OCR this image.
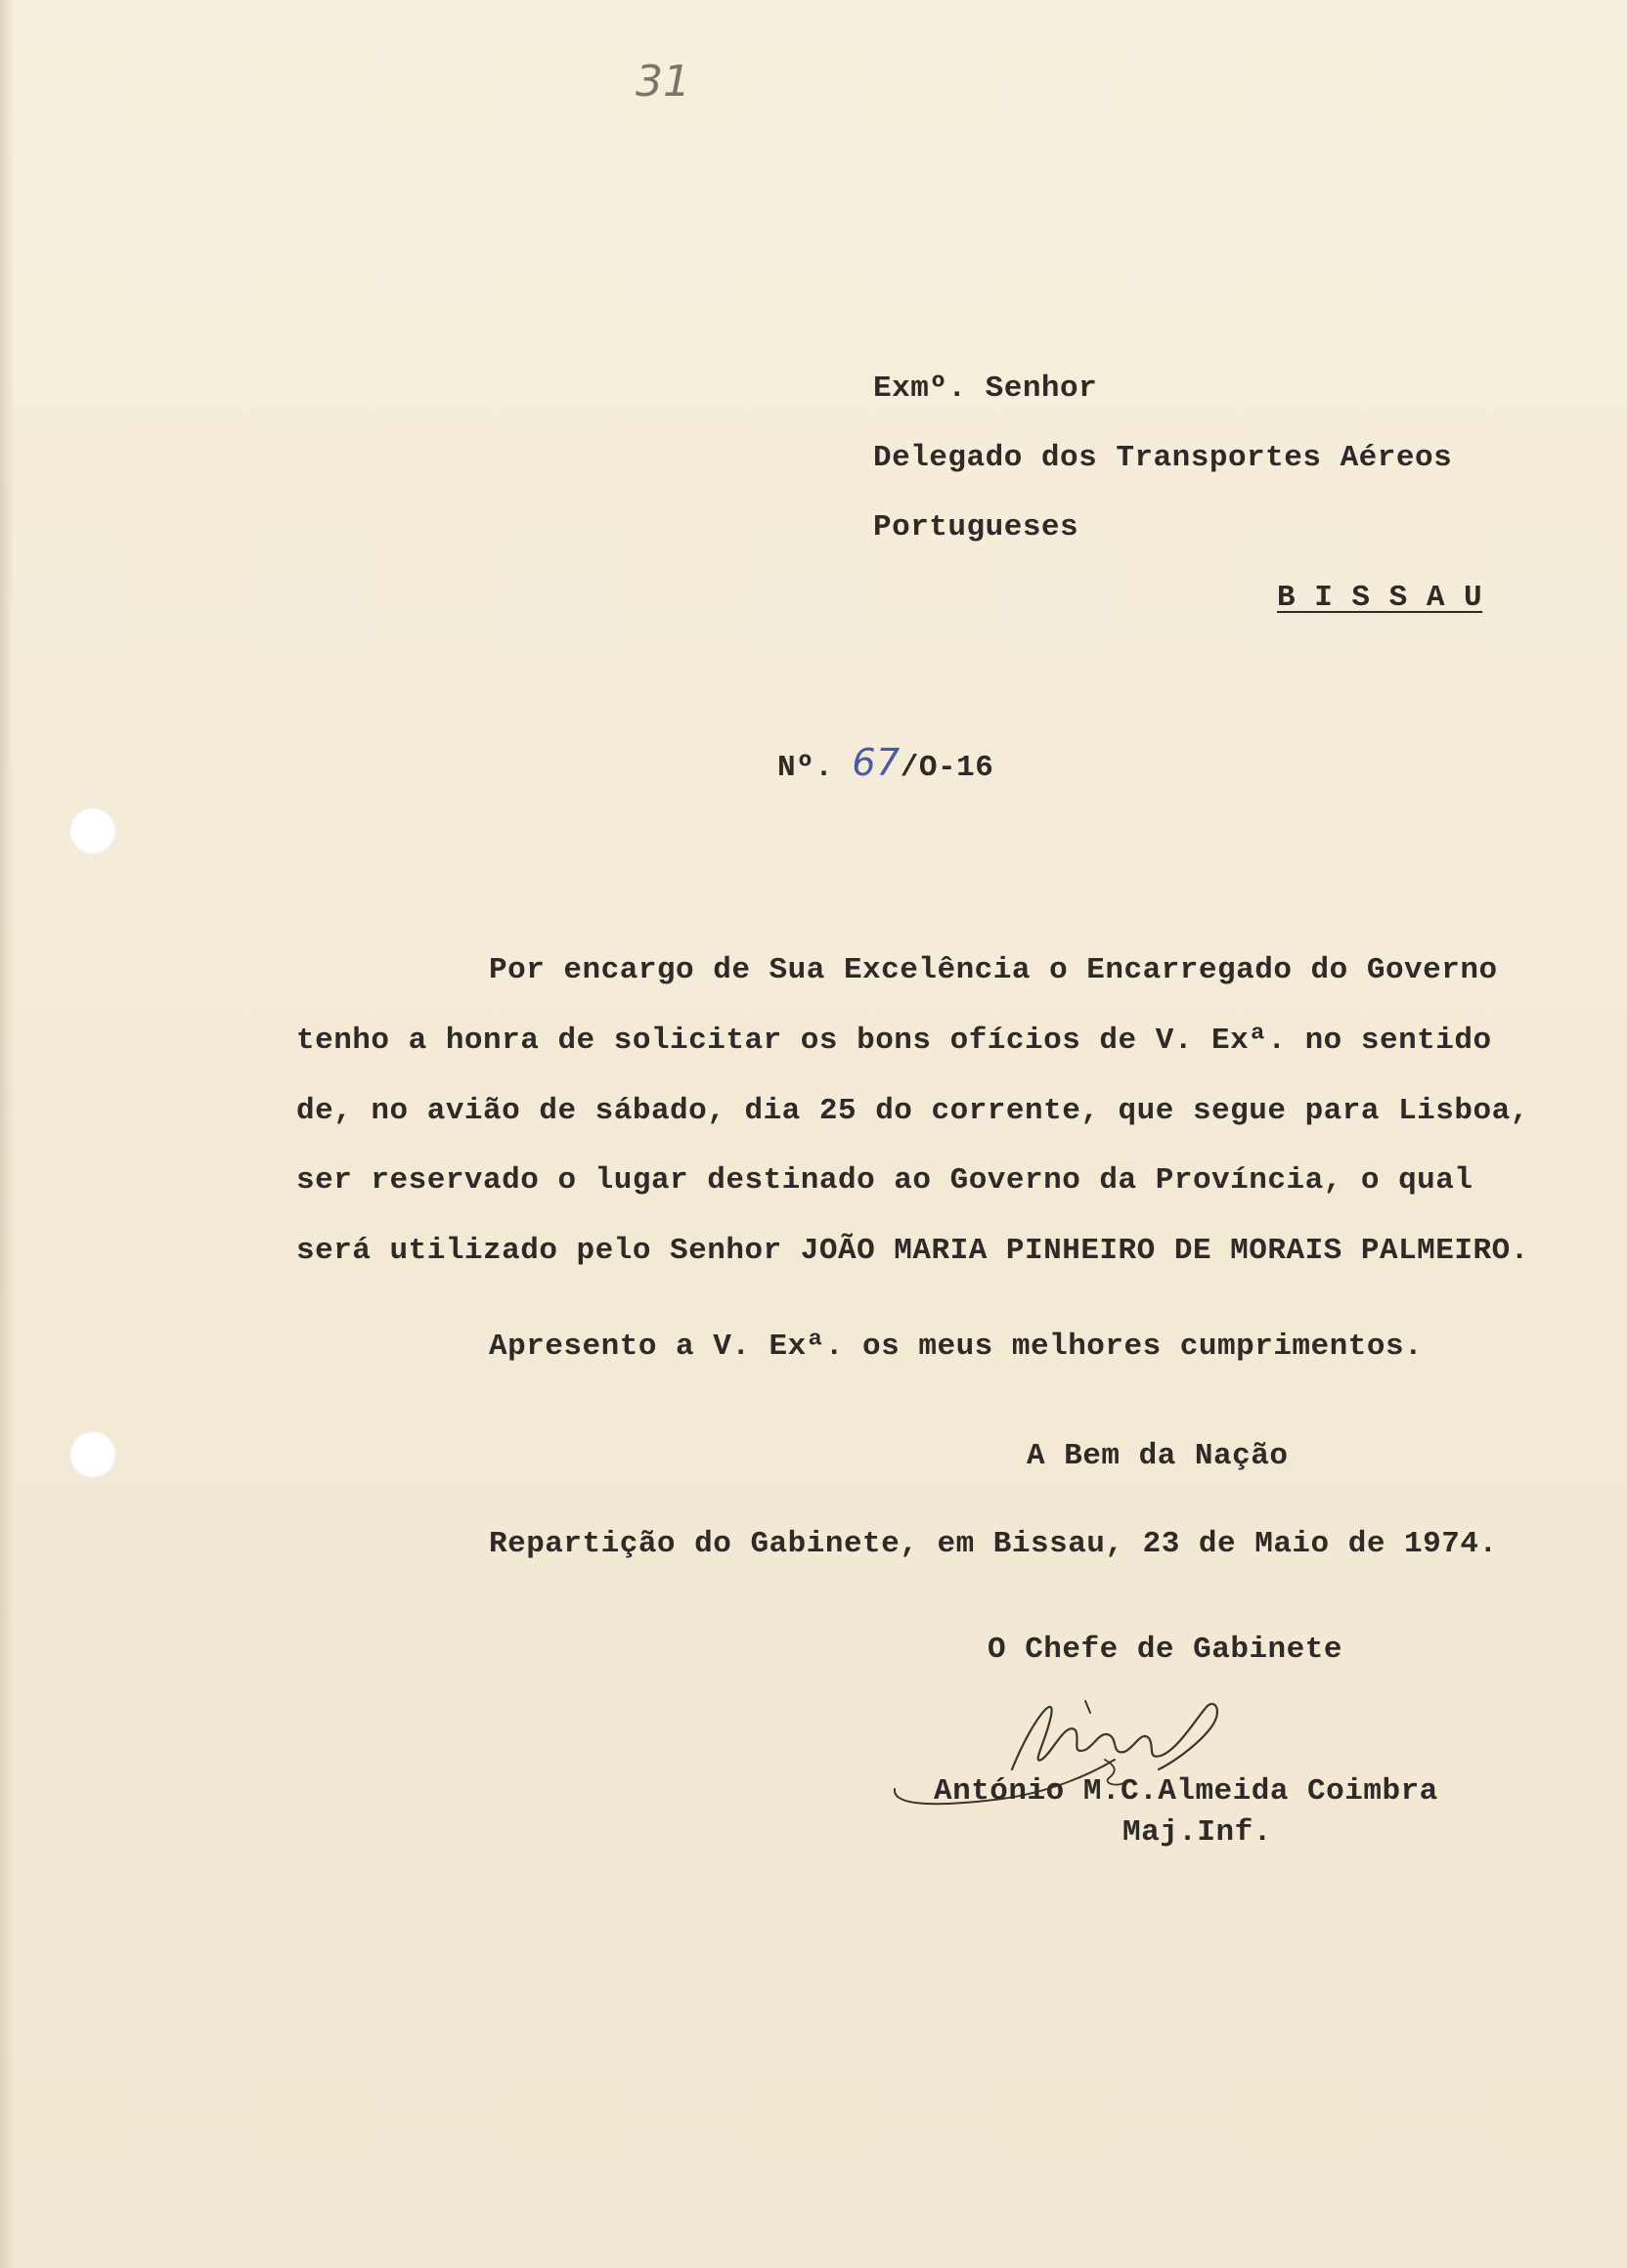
31
Exmº. Senhor
Delegado dos Transportes Aéreos
Portugueses
B I S S A U
Nº. 67/O-16
Por encargo de Sua Excelência o Encarregado do Governo
tenho a honra de solicitar os bons ofícios de V. Exª. no sentido
de, no avião de sábado, dia 25 do corrente, que segue para Lisboa,
ser reservado o lugar destinado ao Governo da Província, o qual
será utilizado pelo Senhor JOÃO MARIA PINHEIRO DE MORAIS PALMEIRO.
Apresento a V. Exª. os meus melhores cumprimentos.
A Bem da Nação
Repartição do Gabinete, em Bissau, 23 de Maio de 1974.
O Chefe de Gabinete
António M.C.Almeida Coimbra
Maj.Inf.
